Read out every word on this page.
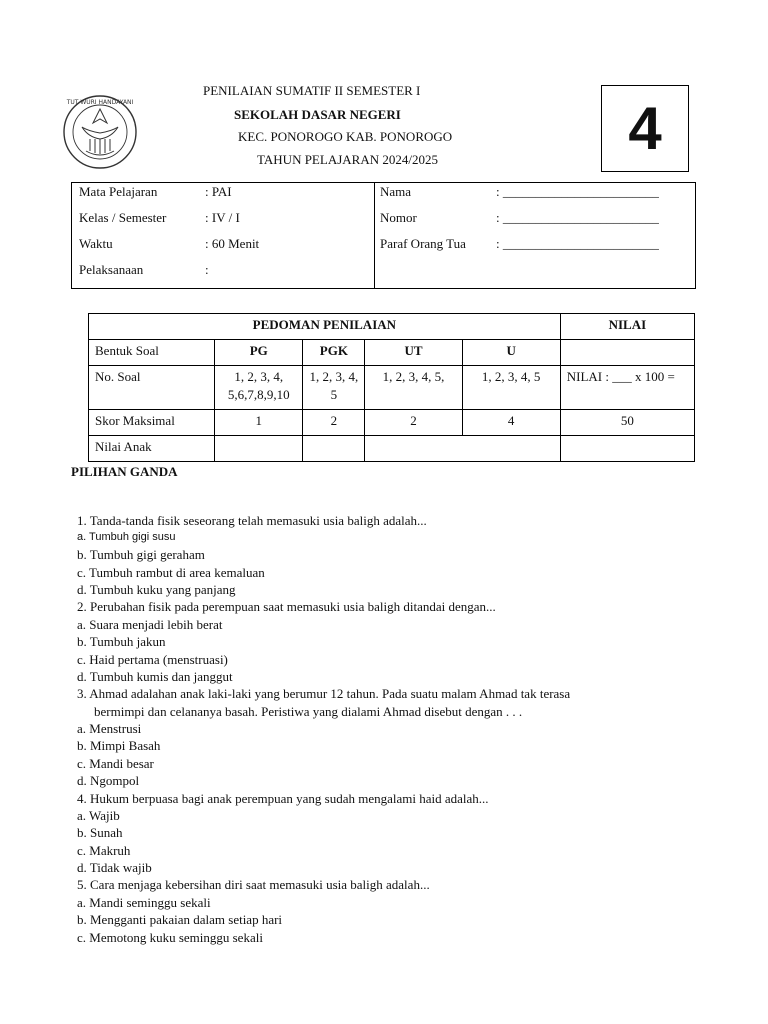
TUT WURI HANDAYANI
PENILAIAN SUMATIF II SEMESTER I
SEKOLAH DASAR NEGERI
KEC. PONOROGO KAB. PONOROGO
TAHUN PELAJARAN 2024/2025	4
Mata Pelajaran	: PAI
Kelas / Semester	: IV / I
Waktu	: 60 Menit
Pelaksanaan	:
Nama	: ________________________
Nomor	: ________________________
Paraf Orang Tua : ________________________
PEDOMAN PENILAIAN					NILAI
Bentuk Soal	PG	PGK	UT	U	
No. Soal	1, 2, 3, 4, 5,6,7,8,9,10	1, 2, 3, 4, 5	1, 2, 3, 4, 5,	1, 2, 3, 4, 5	NILAI : ___ x 100 =
Skor Maksimal	1	2	2	4	50
Nilai Anak					
PILIHAN GANDA
1. Tanda-tanda fisik seseorang telah memasuki usia baligh adalah...
a. Tumbuh gigi susu
b. Tumbuh gigi geraham
c. Tumbuh rambut di area kemaluan
d. Tumbuh kuku yang panjang
2. Perubahan fisik pada perempuan saat memasuki usia baligh ditandai dengan...
a. Suara menjadi lebih berat
b. Tumbuh jakun
c. Haid pertama (menstruasi)
d. Tumbuh kumis dan janggut
3. Ahmad adalahan anak laki-laki yang berumur 12 tahun. Pada suatu malam Ahmad tak terasa
bermimpi dan celananya basah. Peristiwa yang dialami Ahmad disebut dengan . . .
a. Menstrusi
b. Mimpi Basah
c. Mandi besar
d. Ngompol
4. Hukum berpuasa bagi anak perempuan yang sudah mengalami haid adalah...
a. Wajib
b. Sunah
c. Makruh
d. Tidak wajib
5. Cara menjaga kebersihan diri saat memasuki usia baligh adalah...
a. Mandi seminggu sekali
b. Mengganti pakaian dalam setiap hari
c. Memotong kuku seminggu sekali
